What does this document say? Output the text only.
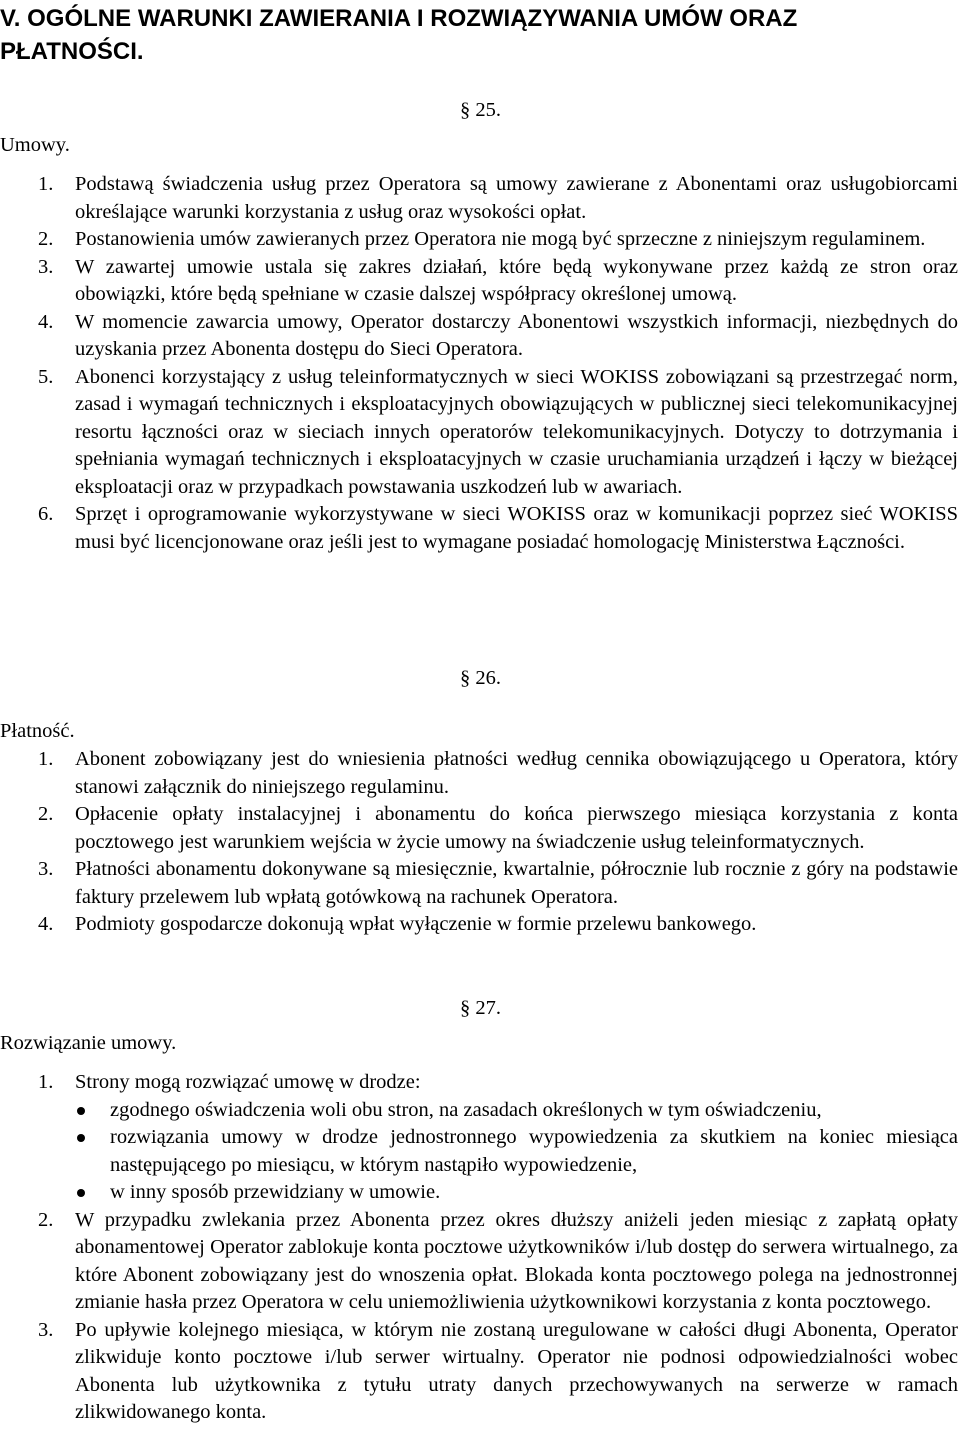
V. OGÓLNE WARUNKI ZAWIERANIA I ROZWIĄZYWANIA UMÓW ORAZ PŁATNOŚCI.
§ 25.
Umowy.
1. Podstawą świadczenia usług przez Operatora są umowy zawierane z Abonentami oraz usługobiorcami określające warunki korzystania z usług oraz wysokości opłat.
2. Postanowienia umów zawieranych przez Operatora nie mogą być sprzeczne z niniejszym regulaminem.
3. W zawartej umowie ustala się zakres działań, które będą wykonywane przez każdą ze stron oraz obowiązki, które będą spełniane w czasie dalszej współpracy określonej umową.
4. W momencie zawarcia umowy, Operator dostarczy Abonentowi wszystkich informacji, niezbędnych do uzyskania przez Abonenta dostępu do Sieci Operatora.
5. Abonenci korzystający z usług teleinformatycznych w sieci WOKISS zobowiązani są przestrzegać norm, zasad i wymagań technicznych i eksploatacyjnych obowiązujących w publicznej sieci telekomunikacyjnej resortu łączności oraz w sieciach innych operatorów telekomunikacyjnych. Dotyczy to dotrzymania i spełniania wymagań technicznych i eksploatacyjnych w czasie uruchamiania urządzeń i łączy w bieżącej eksploatacji oraz w przypadkach powstawania uszkodzeń lub w awariach.
6. Sprzęt i oprogramowanie wykorzystywane w sieci WOKISS oraz w komunikacji poprzez sieć WOKISS musi być licencjonowane oraz jeśli jest to wymagane posiadać homologację Ministerstwa Łączności.
§ 26.
Płatność.
1. Abonent zobowiązany jest do wniesienia płatności według cennika obowiązującego u Operatora, który stanowi załącznik do niniejszego regulaminu.
2. Opłacenie opłaty instalacyjnej i abonamentu do końca pierwszego miesiąca korzystania z konta pocztowego jest warunkiem wejścia w życie umowy na świadczenie usług teleinformatycznych.
3. Płatności abonamentu dokonywane są miesięcznie, kwartalnie, półrocznie lub rocznie z góry na podstawie faktury przelewem lub wpłatą gotówkową na rachunek Operatora.
4. Podmioty gospodarcze dokonują wpłat wyłączenie w formie przelewu bankowego.
§ 27.
Rozwiązanie umowy.
1. Strony mogą rozwiązać umowę w drodze:
zgodnego oświadczenia woli obu stron, na zasadach określonych w tym oświadczeniu,
rozwiązania umowy w drodze jednostronnego wypowiedzenia za skutkiem na koniec miesiąca następującego po miesiącu, w którym nastąpiło wypowiedzenie,
w inny sposób przewidziany w umowie.
2. W przypadku zwlekania przez Abonenta przez okres dłuższy aniżeli jeden miesiąc z zapłatą opłaty abonamentowej Operator zablokuje konta pocztowe użytkowników i/lub dostęp do serwera wirtualnego, za które Abonent zobowiązany jest do wnoszenia opłat. Blokada konta pocztowego polega na jednostronnej zmianie hasła przez Operatora w celu uniemożliwienia użytkownikowi korzystania z konta pocztowego.
3. Po upływie kolejnego miesiąca, w którym nie zostaną uregulowane w całości długi Abonenta, Operator zlikwiduje konto pocztowe i/lub serwer wirtualny. Operator nie podnosi odpowiedzialności wobec Abonenta lub użytkownika z tytułu utraty danych przechowywanych na serwerze w ramach zlikwidowanego konta.
